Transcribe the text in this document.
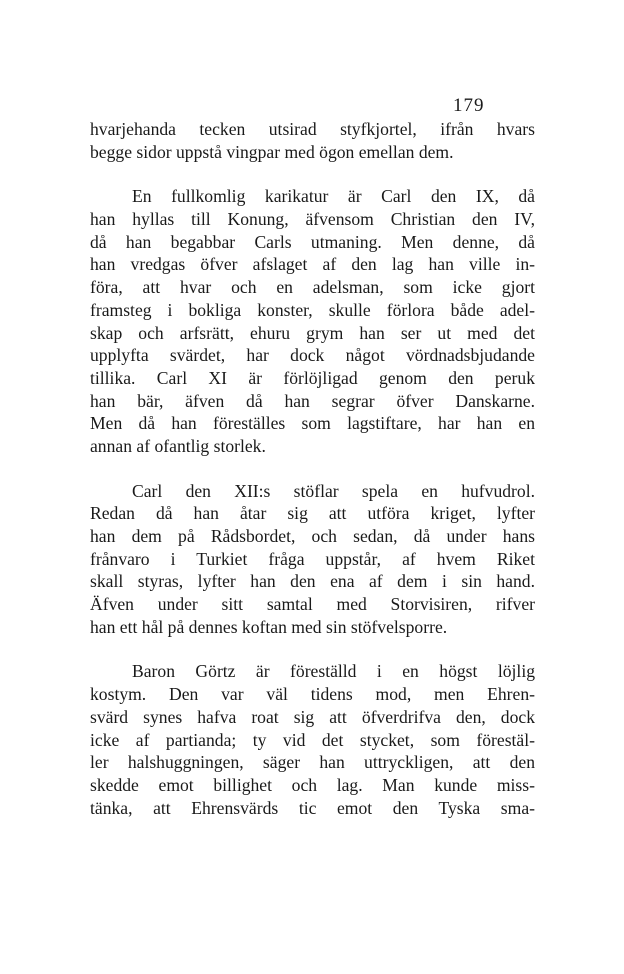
179
hvarjehanda tecken utsirad styfkjortel, ifrån hvars
begge sidor uppstå vingpar med ögon emellan dem.
En fullkomlig karikatur är Carl den IX, då
han hyllas till Konung, äfvensom Christian den IV,
då han begabbar Carls utmaning. Men denne, då
han vredgas öfver afslaget af den lag han ville in-
föra, att hvar och en adelsman, som icke gjort
framsteg i bokliga konster, skulle förlora både adel-
skap och arfsrätt, ehuru grym han ser ut med det
upplyfta svärdet, har dock något vördnadsbjudande
tillika. Carl XI är förlöjligad genom den peruk
han bär, äfven då han segrar öfver Danskarne.
Men då han föreställes som lagstiftare, har han en
annan af ofantlig storlek.
Carl den XII:s stöflar spela en hufvudrol.
Redan då han åtar sig att utföra kriget, lyfter
han dem på Rådsbordet, och sedan, då under hans
frånvaro i Turkiet fråga uppstår, af hvem Riket
skall styras, lyfter han den ena af dem i sin hand.
Äfven under sitt samtal med Storvisiren, rifver
han ett hål på dennes koftan med sin stöfvelsporre.
Baron Görtz är föreställd i en högst löjlig
kostym. Den var väl tidens mod, men Ehren-
svärd synes hafva roat sig att öfverdrifva den, dock
icke af partianda; ty vid det stycket, som förestäl-
ler halshuggningen, säger han uttryckligen, att den
skedde emot billighet och lag. Man kunde miss-
tänka, att Ehrensvärds tic emot den Tyska sma-
